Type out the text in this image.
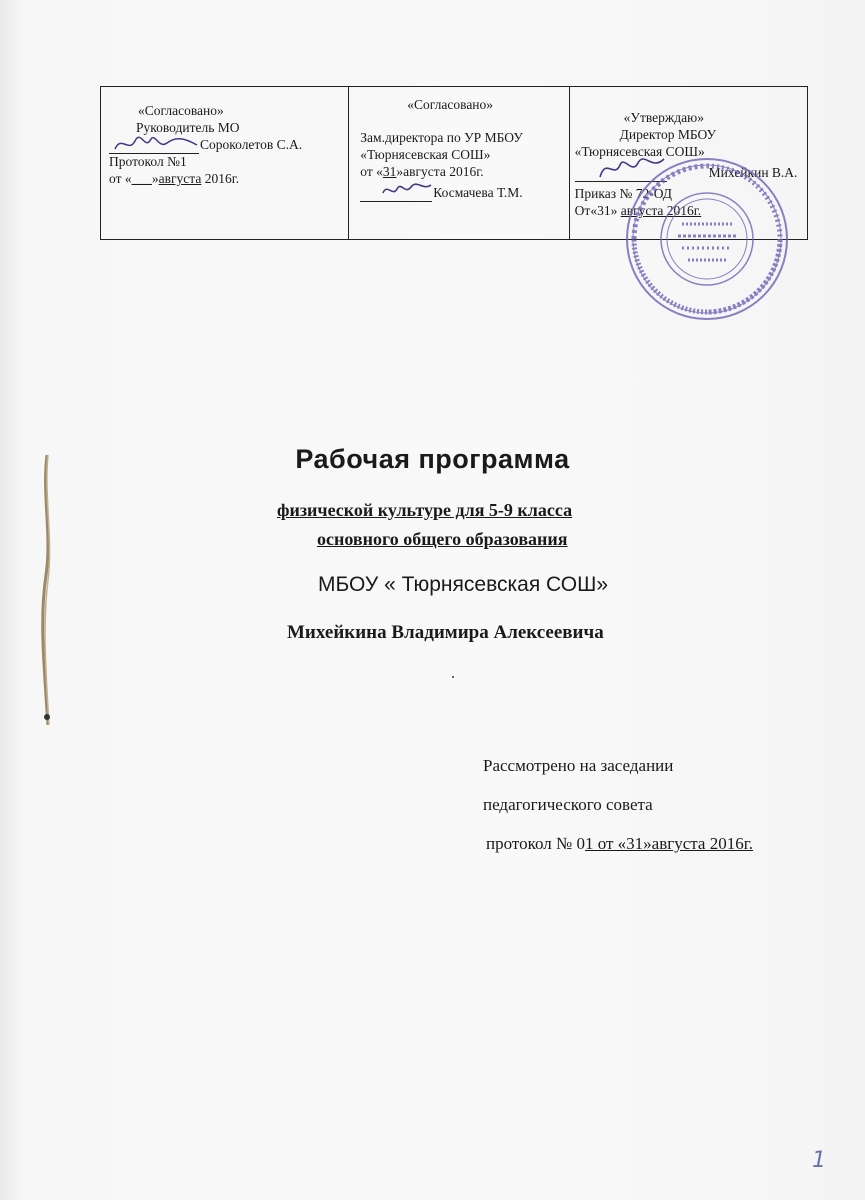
«Согласовано»
Руководитель МО
Сороколетов С.А.
Протокол №1
от «___»августа 2016г.
«Согласовано»
Зам.директора по УР МБОУ
«Тюрнясевская СОШ»
от «31»августа 2016г.
Космачева Т.М.
«Утверждаю»
Директор МБОУ
«Тюрнясевская СОШ»
Михейкин В.А.
Приказ № 72-ОД
От«31» августа 2016г.
Рабочая программа
физической культуре для 5-9 класса
основного общего образования
МБОУ « Тюрнясевская СОШ»
Михейкина Владимира Алексеевича
Рассмотрено на заседании
педагогического совета
протокол № 01 от «31»августа 2016г.
1
